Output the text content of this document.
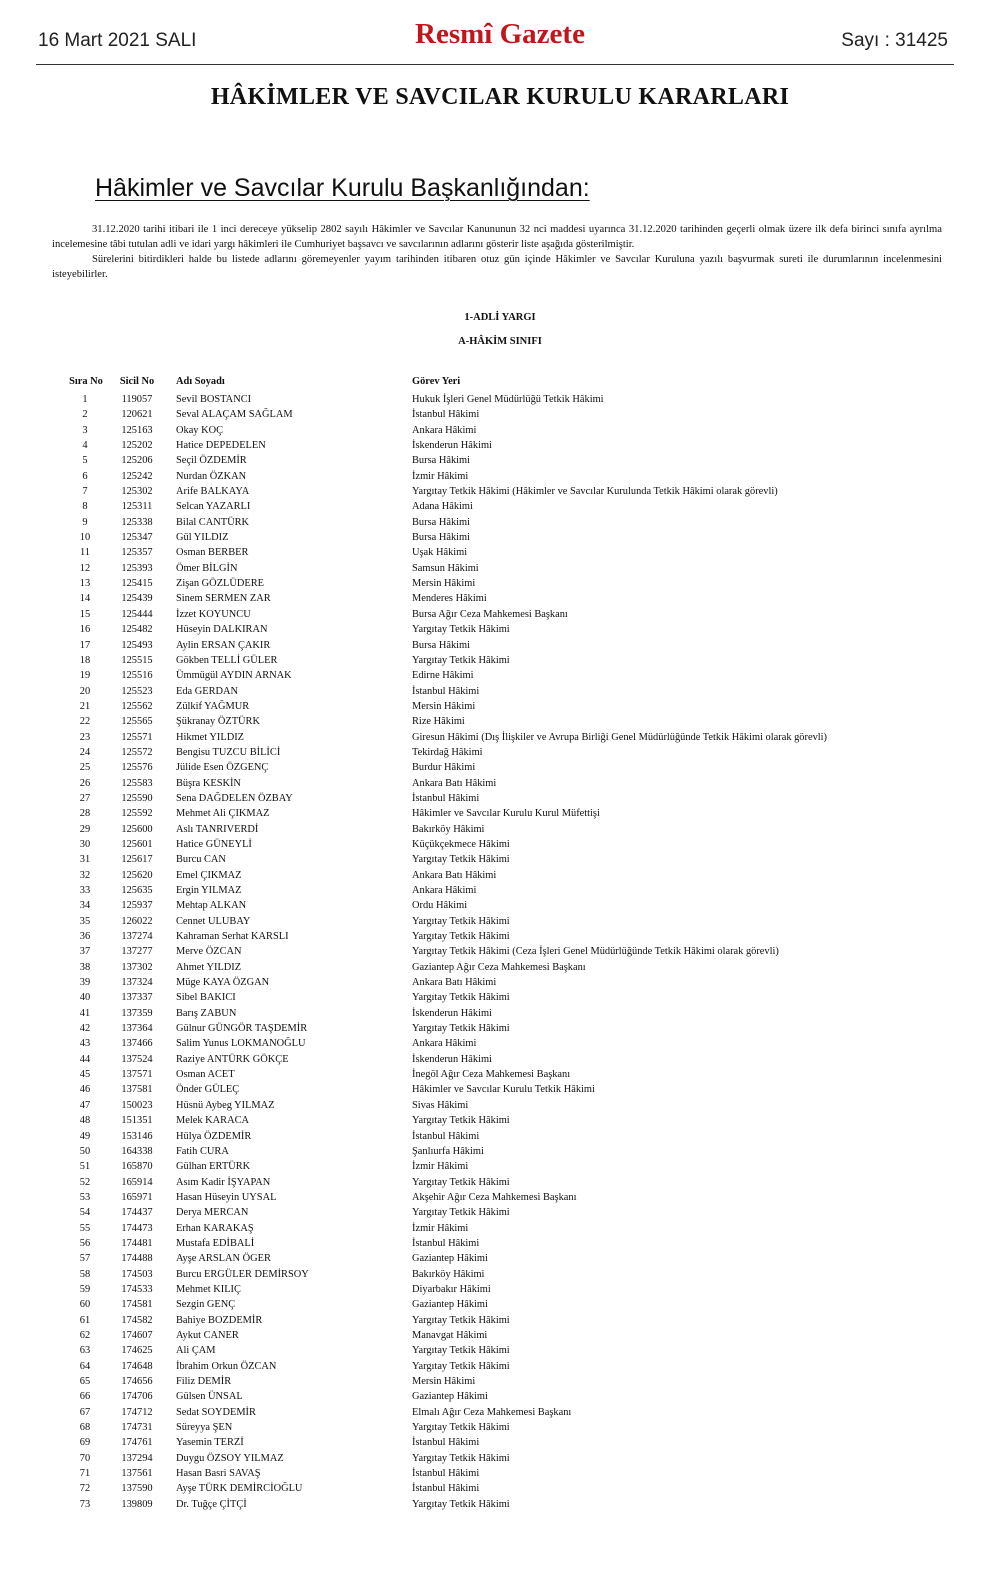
16 Mart 2021 SALI	Resmî Gazete	Sayı : 31425
HÂKİMLER VE SAVCILAR KURULU KARARLARI
Hâkimler ve Savcılar Kurulu Başkanlığından:

31.12.2020 tarihi itibari ile 1 inci dereceye yükselip 2802 sayılı Hâkimler ve Savcılar Kanununun 32 nci maddesi uyarınca 31.12.2020 tarihinden geçerli olmak üzere ilk defa birinci sınıfa ayrılma incelemesine tâbi tutulan adli ve idari yargı hâkimleri ile Cumhuriyet başsavcı ve savcılarının adlarını gösterir liste aşağıda gösterilmiştir.

Sürelerini bitirdikleri halde bu listede adlarını göremeyenler yayım tarihinden itibaren otuz gün içinde Hâkimler ve Savcılar Kuruluna yazılı başvurmak sureti ile durumlarının incelenmesini isteyebilirler.

1-ADLİ YARGI
A-HÂKİM SINIFI
Sıra No	Sicil No	Adı Soyadı	Görev Yeri
1	119057	Sevil BOSTANCI	Hukuk İşleri Genel Müdürlüğü Tetkik Hâkimi
2	120621	Seval ALAÇAM SAĞLAM	İstanbul Hâkimi
3	125163	Okay KOÇ	Ankara Hâkimi
4	125202	Hatice DEPEDELEN	İskenderun Hâkimi
5	125206	Seçil ÖZDEMİR	Bursa Hâkimi
6	125242	Nurdan ÖZKAN	İzmir Hâkimi
7	125302	Arife BALKAYA	Yargıtay Tetkik Hâkimi (Hâkimler ve Savcılar Kurulunda Tetkik Hâkimi olarak görevli)
8	125311	Selcan YAZARLI	Adana Hâkimi
9	125338	Bilal CANTÜRK	Bursa Hâkimi
10	125347	Gül YILDIZ	Bursa Hâkimi
11	125357	Osman BERBER	Uşak Hâkimi
12	125393	Ömer BİLGİN	Samsun Hâkimi
13	125415	Zişan GÖZLÜDERE	Mersin Hâkimi
14	125439	Sinem SERMEN ZAR	Menderes Hâkimi
15	125444	İzzet KOYUNCU	Bursa Ağır Ceza Mahkemesi Başkanı
16	125482	Hüseyin DALKIRAN	Yargıtay Tetkik Hâkimi
17	125493	Aylin ERSAN ÇAKIR	Bursa Hâkimi
18	125515	Gökben TELLİ GÜLER	Yargıtay Tetkik Hâkimi
19	125516	Ümmügül AYDIN ARNAK	Edirne Hâkimi
20	125523	Eda GERDAN	İstanbul Hâkimi
21	125562	Zülkif YAĞMUR	Mersin Hâkimi
22	125565	Şükranay ÖZTÜRK	Rize Hâkimi
23	125571	Hikmet YILDIZ	Giresun Hâkimi (Dış İlişkiler ve Avrupa Birliği Genel Müdürlüğünde Tetkik Hâkimi olarak görevli)
24	125572	Bengisu TUZCU BİLİCİ	Tekirdağ Hâkimi
25	125576	Jülide Esen ÖZGENÇ	Burdur Hâkimi
26	125583	Büşra KESKİN	Ankara Batı Hâkimi
27	125590	Sena DAĞDELEN ÖZBAY	İstanbul Hâkimi
28	125592	Mehmet Ali ÇIKMAZ	Hâkimler ve Savcılar Kurulu Kurul Müfettişi
29	125600	Aslı TANRIVERDİ	Bakırköy Hâkimi
30	125601	Hatice GÜNEYLİ	Küçükçekmece Hâkimi
31	125617	Burcu CAN	Yargıtay Tetkik Hâkimi
32	125620	Emel ÇIKMAZ	Ankara Batı Hâkimi
33	125635	Ergin YILMAZ	Ankara Hâkimi
34	125937	Mehtap ALKAN	Ordu Hâkimi
35	126022	Cennet ULUBAY	Yargıtay Tetkik Hâkimi
36	137274	Kahraman Serhat KARSLI	Yargıtay Tetkik Hâkimi
37	137277	Merve ÖZCAN	Yargıtay Tetkik Hâkimi (Ceza İşleri Genel Müdürlüğünde Tetkik Hâkimi olarak görevli)
38	137302	Ahmet YILDIZ	Gaziantep Ağır Ceza Mahkemesi Başkanı
39	137324	Müge KAYA ÖZGAN	Ankara Batı Hâkimi
40	137337	Sibel BAKICI	Yargıtay Tetkik Hâkimi
41	137359	Barış ZABUN	İskenderun Hâkimi
42	137364	Gülnur GÜNGÖR TAŞDEMİR	Yargıtay Tetkik Hâkimi
43	137466	Salim Yunus LOKMANOĞLU	Ankara Hâkimi
44	137524	Raziye ANTÜRK GÖKÇE	İskenderun Hâkimi
45	137571	Osman ACET	İnegöl Ağır Ceza Mahkemesi Başkanı
46	137581	Önder GÜLEÇ	Hâkimler ve Savcılar Kurulu Tetkik Hâkimi
47	150023	Hüsnü Aybeg YILMAZ	Sivas Hâkimi
48	151351	Melek KARACA	Yargıtay Tetkik Hâkimi
49	153146	Hülya ÖZDEMİR	İstanbul Hâkimi
50	164338	Fatih CURA	Şanlıurfa Hâkimi
51	165870	Gülhan ERTÜRK	İzmir Hâkimi
52	165914	Asım Kadir İŞYAPAN	Yargıtay Tetkik Hâkimi
53	165971	Hasan Hüseyin UYSAL	Akşehir Ağır Ceza Mahkemesi Başkanı
54	174437	Derya MERCAN	Yargıtay Tetkik Hâkimi
55	174473	Erhan KARAKAŞ	İzmir Hâkimi
56	174481	Mustafa EDİBALİ	İstanbul Hâkimi
57	174488	Ayşe ARSLAN ÖGER	Gaziantep Hâkimi
58	174503	Burcu ERGÜLER DEMİRSOY	Bakırköy Hâkimi
59	174533	Mehmet KILIÇ	Diyarbakır Hâkimi
60	174581	Sezgin GENÇ	Gaziantep Hâkimi
61	174582	Bahiye BOZDEMİR	Yargıtay Tetkik Hâkimi
62	174607	Aykut CANER	Manavgat Hâkimi
63	174625	Ali ÇAM	Yargıtay Tetkik Hâkimi
64	174648	İbrahim Orkun ÖZCAN	Yargıtay Tetkik Hâkimi
65	174656	Filiz DEMİR	Mersin Hâkimi
66	174706	Gülsen ÜNSAL	Gaziantep Hâkimi
67	174712	Sedat SOYDEMİR	Elmalı Ağır Ceza Mahkemesi Başkanı
68	174731	Süreyya ŞEN	Yargıtay Tetkik Hâkimi
69	174761	Yasemin TERZİ	İstanbul Hâkimi
70	137294	Duygu ÖZSOY YILMAZ	Yargıtay Tetkik Hâkimi
71	137561	Hasan Basri SAVAŞ	İstanbul Hâkimi
72	137590	Ayşe TÜRK DEMİRCİOĞLU	İstanbul Hâkimi
73	139809	Dr. Tuğçe ÇİTÇİ	Yargıtay Tetkik Hâkimi
